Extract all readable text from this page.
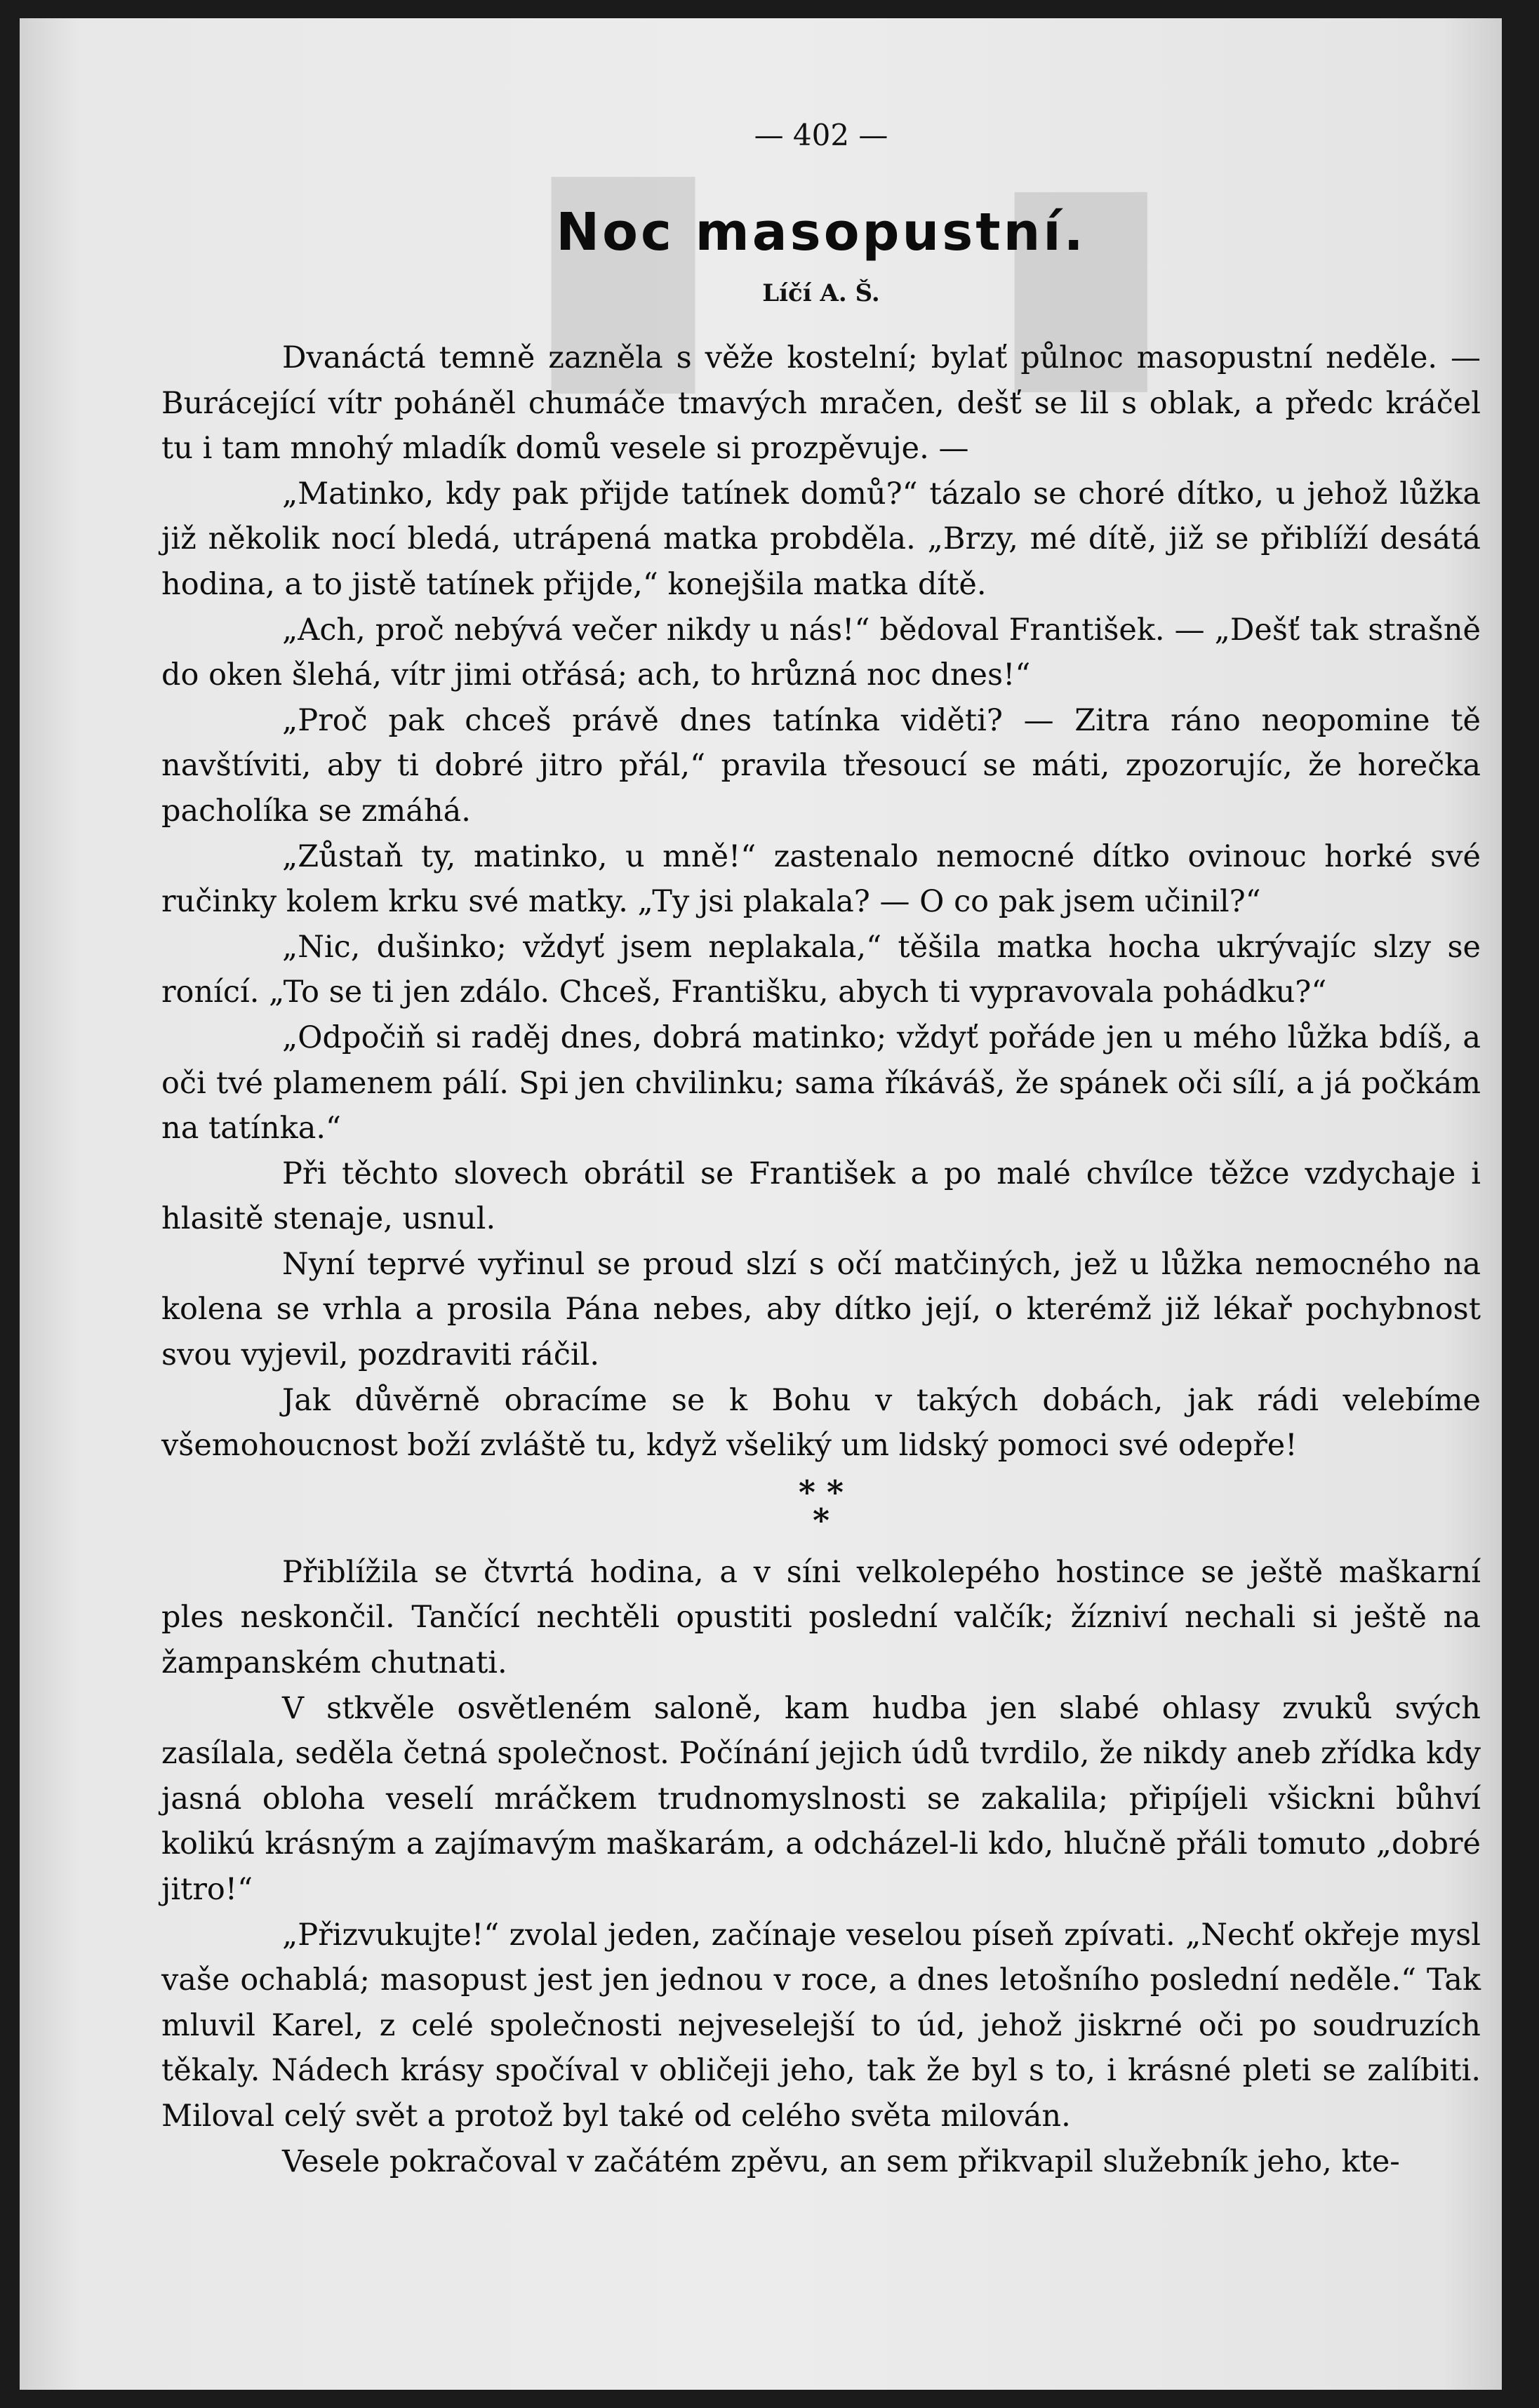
█ █
— 402 —
Noc masopustní.
Líčí A. Š.

Dvanáctá temně zazněla s věže kostelní; bylať půlnoc masopustní neděle. — Burácející vítr poháněl chumáče tmavých mračen, dešť se lil s oblak, a předc kráčel tu i tam mnohý mladík domů vesele si prozpěvuje. —

„Matinko, kdy pak přijde tatínek domů?“ tázalo se choré dítko, u jehož lůžka již několik nocí bledá, utrápená matka probděla. „Brzy, mé dítě, již se přiblíží desátá hodina, a to jistě tatínek přijde,“ konejšila matka dítě.

„Ach, proč nebývá večer nikdy u nás!“ bědoval František. — „Dešť tak strašně do oken šlehá, vítr jimi otřásá; ach, to hrůzná noc dnes!“

„Proč pak chceš právě dnes tatínka viděti? — Zitra ráno neopomine tě navštíviti, aby ti dobré jitro přál,“ pravila třesoucí se máti, zpozorujíc, že horečka pacholíka se zmáhá.

„Zůstaň ty, matinko, u mně!“ zastenalo nemocné dítko ovinouc horké své ručinky kolem krku své matky. „Ty jsi plakala? — O co pak jsem učinil?“

„Nic, dušinko; vždyť jsem neplakala,“ těšila matka hocha ukrývajíc slzy se ronící. „To se ti jen zdálo. Chceš, Františku, abych ti vypravovala pohádku?“

„Odpočiň si raděj dnes, dobrá matinko; vždyť pořáde jen u mého lůžka bdíš, a oči tvé plamenem pálí. Spi jen chvilinku; sama říkáváš, že spánek oči sílí, a já počkám na tatínka.“

Při těchto slovech obrátil se František a po malé chvílce těžce vzdychaje i hlasitě stenaje, usnul.

Nyní teprvé vyřinul se proud slzí s očí matčiných, jež u lůžka nemocného na kolena se vrhla a prosila Pána nebes, aby dítko její, o kterémž již lékař pochybnost svou vyjevil, pozdraviti ráčil.

Jak důvěrně obracíme se k Bohu v takých dobách, jak rádi velebíme všemohoucnost boží zvláště tu, když všeliký um lidský pomoci své odepře!

* *
*

Přiblížila se čtvrtá hodina, a v síni velkolepého hostince se ještě maškarní ples neskončil. Tančící nechtěli opustiti poslední valčík; žízniví nechali si ještě na žampanském chutnati.

V stkvěle osvětleném saloně, kam hudba jen slabé ohlasy zvuků svých zasílala, seděla četná společnost. Počínání jejich údů tvrdilo, že nikdy aneb zřídka kdy jasná obloha veselí mráčkem trudnomyslnosti se zakalila; připíjeli všickni bůhví kolikú krásným a zajímavým maškarám, a odcházel-li kdo, hlučně přáli tomuto „dobré jitro!“

„Přizvukujte!“ zvolal jeden, začínaje veselou píseň zpívati. „Nechť okřeje mysl vaše ochablá; masopust jest jen jednou v roce, a dnes letošního poslední neděle.“ Tak mluvil Karel, z celé společnosti nejveselejší to úd, jehož jiskrné oči po soudruzích těkaly. Nádech krásy spočíval v obličeji jeho, tak že byl s to, i krásné pleti se zalíbiti. Miloval celý svět a protož byl také od celého světa milován.

Vesele pokračoval v začátém zpěvu, an sem přikvapil služebník jeho, kte-
